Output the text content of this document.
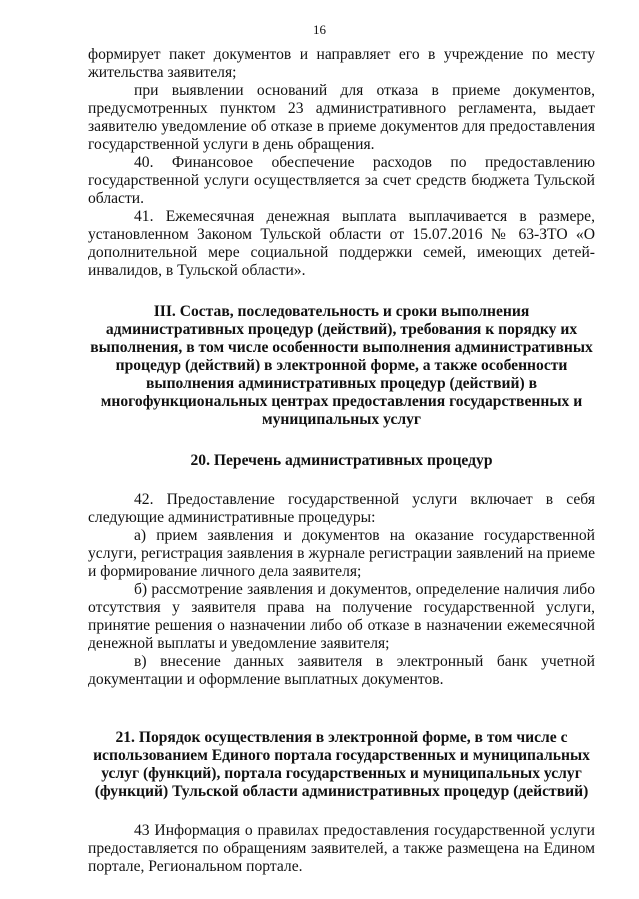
16

формирует пакет документов и направляет его в учреждение по месту жительства заявителя;

при выявлении оснований для отказа в приеме документов, предусмотренных пунктом 23 административного регламента, выдает заявителю уведомление об отказе в приеме документов для предоставления государственной услуги в день обращения.

40. Финансовое обеспечение расходов по предоставлению государственной услуги осуществляется за счет средств бюджета Тульской области.

41. Ежемесячная денежная выплата выплачивается в размере, установленном Законом Тульской области от 15.07.2016 № 63-ЗТО «О дополнительной мере социальной поддержки семей, имеющих детей-инвалидов, в Тульской области».

III. Состав, последовательность и сроки выполнения административных процедур (действий), требования к порядку их выполнения, в том числе особенности выполнения административных процедур (действий) в электронной форме, а также особенности выполнения административных процедур (действий) в многофункциональных центрах предоставления государственных и муниципальных услуг
20. Перечень административных процедур

42. Предоставление государственной услуги включает в себя следующие административные процедуры:

а) прием заявления и документов на оказание государственной услуги, регистрация заявления в журнале регистрации заявлений на приеме и формирование личного дела заявителя;

б) рассмотрение заявления и документов, определение наличия либо отсутствия у заявителя права на получение государственной услуги, принятие решения о назначении либо об отказе в назначении ежемесячной денежной выплаты и уведомление заявителя;

в) внесение данных заявителя в электронный банк учетной документации и оформление выплатных документов.

21. Порядок осуществления в электронной форме, в том числе с использованием Единого портала государственных и муниципальных услуг (функций), портала государственных и муниципальных услуг (функций) Тульской области административных процедур (действий)

43 Информация о правилах предоставления государственной услуги предоставляется по обращениям заявителей, а также размещена на Едином портале, Региональном портале.
